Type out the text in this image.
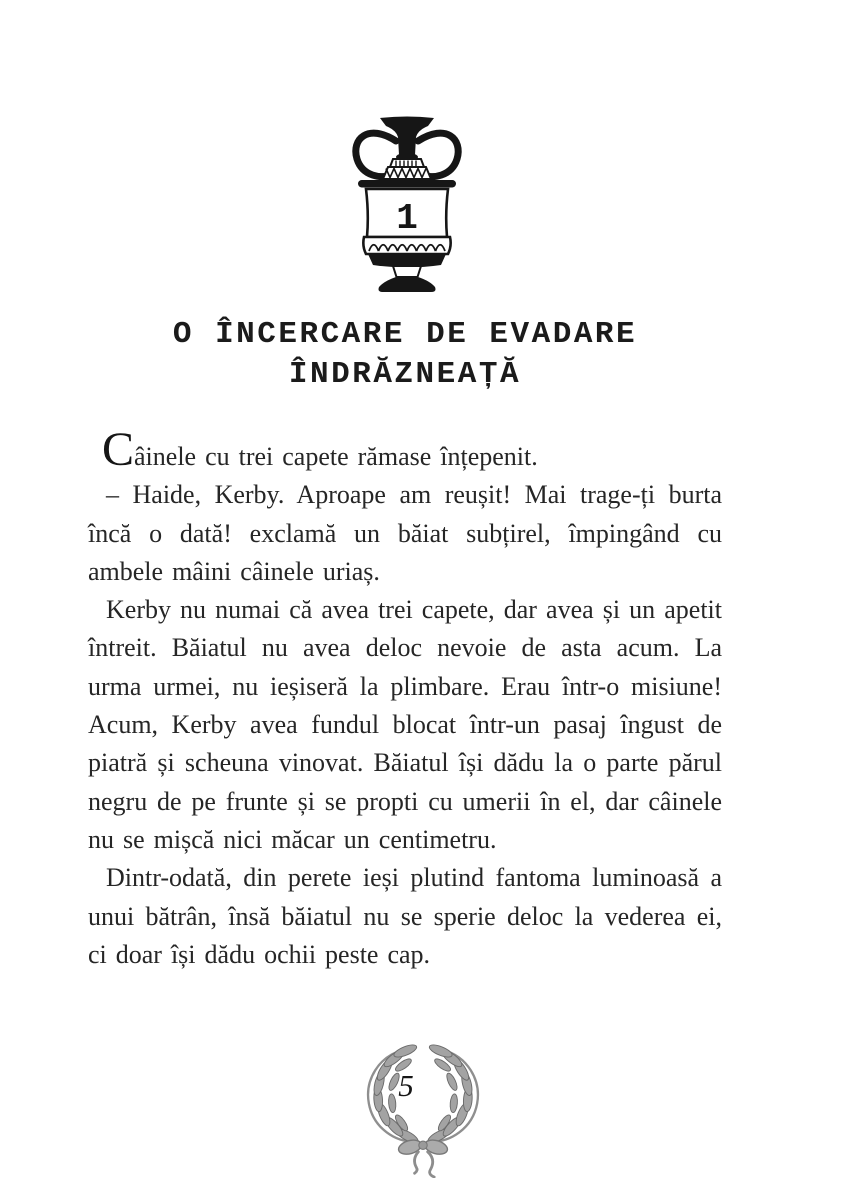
1
O ÎNCERCARE DE EVADARE
ÎNDRĂZNEAȚĂ

Câinele cu trei capete rămase înțepenit.

– Haide, Kerby. Aproape am reușit! Mai trage-ți burta încă o dată! exclamă un băiat subțirel, împingând cu ambele mâini câinele uriaș.

Kerby nu numai că avea trei capete, dar avea și un apetit întreit. Băiatul nu avea deloc nevoie de asta acum. La urma urmei, nu ieșiseră la plimbare. Erau într-o misiune! Acum, Kerby avea fundul blocat într-un pasaj îngust de piatră și scheuna vinovat. Băiatul își dădu la o parte părul negru de pe frunte și se propti cu umerii în el, dar câinele nu se mișcă nici măcar un centimetru.

Dintr-odată, din perete ieși plutind fantoma luminoasă a unui bătrân, însă băiatul nu se sperie deloc la vederea ei, ci doar își dădu ochii peste cap.

5
